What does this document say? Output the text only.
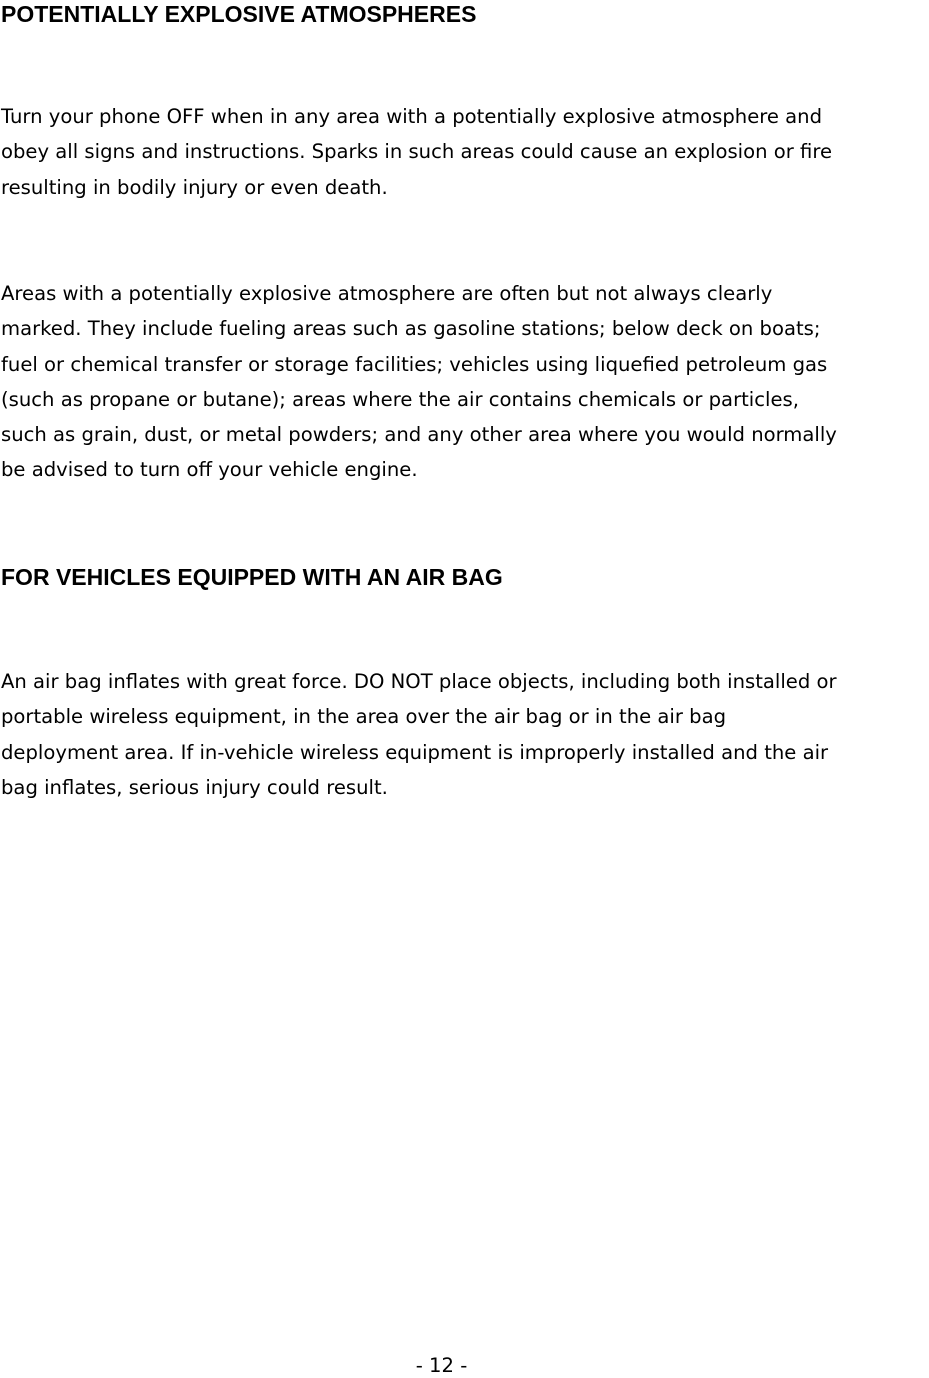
POTENTIALLY EXPLOSIVE ATMOSPHERES

Turn your phone OFF when in any area with a potentially explosive atmosphere and
obey all signs and instructions. Sparks in such areas could cause an explosion or fire
resulting in bodily injury or even death.

Areas with a potentially explosive atmosphere are often but not always clearly
marked. They include fueling areas such as gasoline stations; below deck on boats;
fuel or chemical transfer or storage facilities; vehicles using liquefied petroleum gas
(such as propane or butane); areas where the air contains chemicals or particles,
such as grain, dust, or metal powders; and any other area where you would normally
be advised to turn off your vehicle engine.

FOR VEHICLES EQUIPPED WITH AN AIR BAG

An air bag inflates with great force. DO NOT place objects, including both installed or
portable wireless equipment, in the area over the air bag or in the air bag
deployment area. If in-vehicle wireless equipment is improperly installed and the air
bag inflates, serious injury could result.

- 12 -
